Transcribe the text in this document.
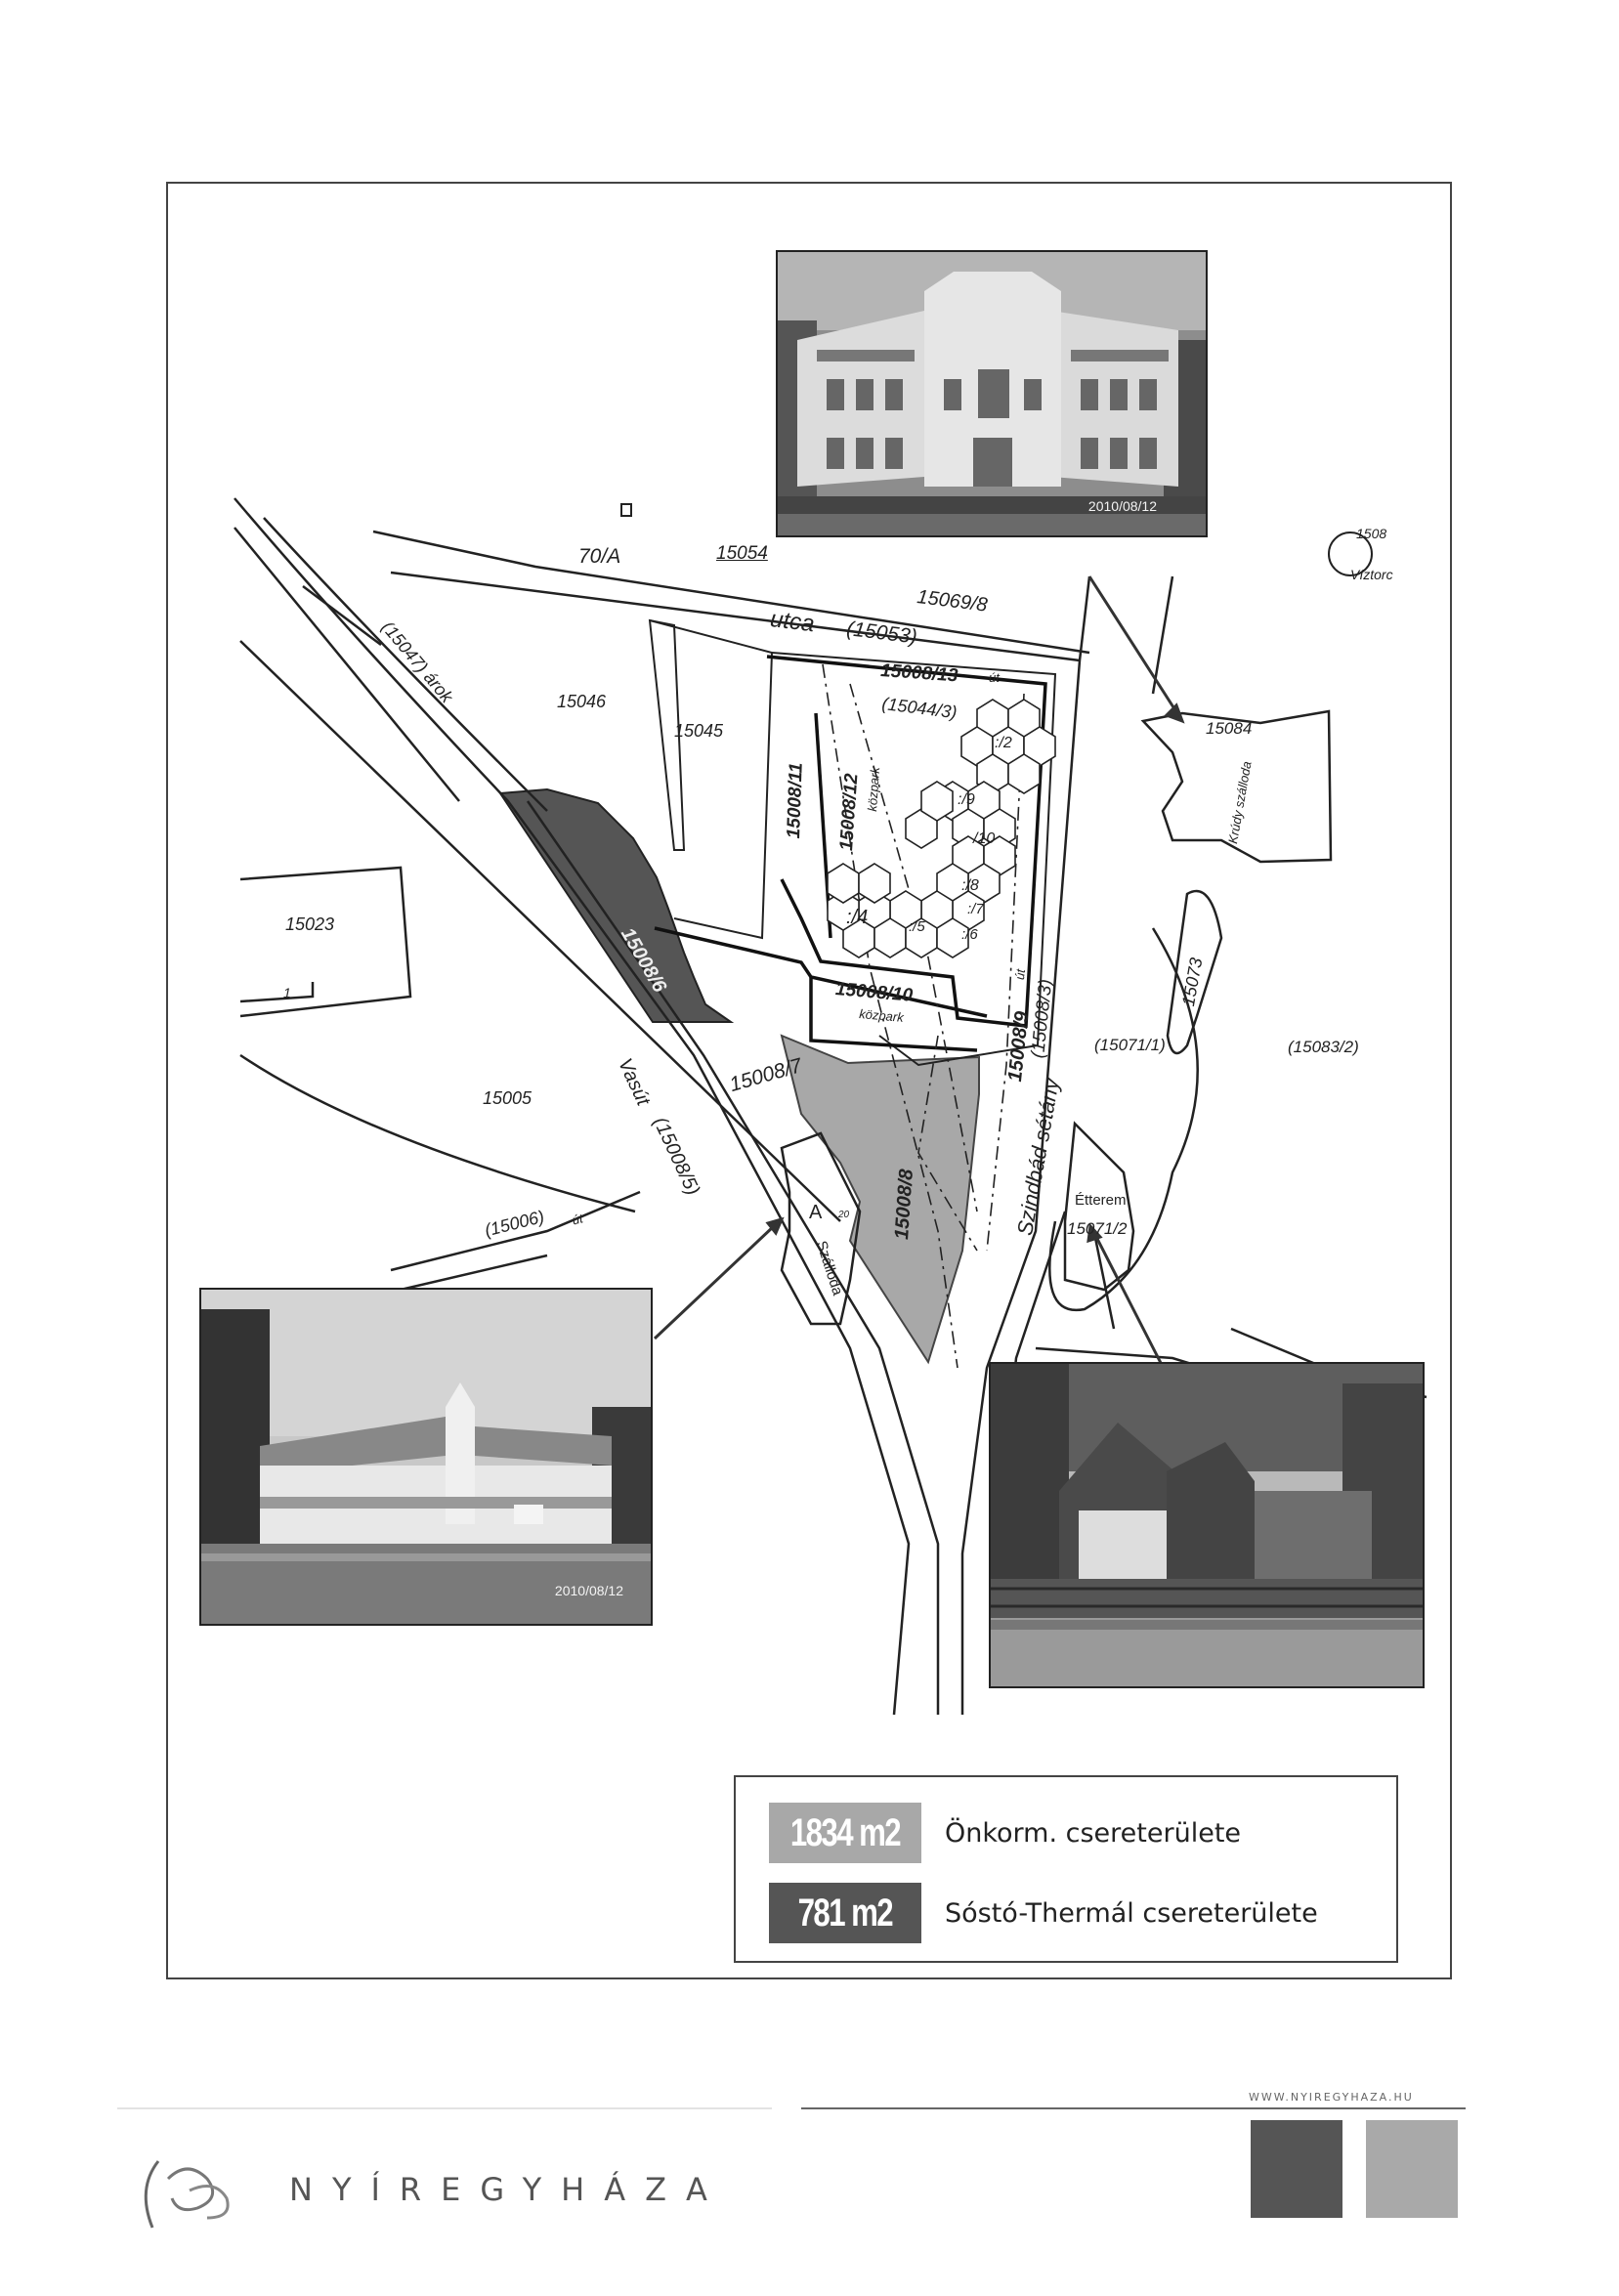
70/A	15054
15069/8
utca (15053)
(15047) árok	15046
15045
15008/13 út
(15044/3)
15008/11 15008/12 közpark
:/2
:/9
/10
:/8
:/4	:/5
:/7
:/6
15008/10
közpark	15008/9
út
(15008/3)
15023
1	15008/6
15005	Vasút
(15008/5)
15008/7
(15006) út	A 20
Szálloda
15008/8	Szindbád sétány
(15071/1)
15073
(15083/2)
15084
Krúdy szálloda
Étterem
15071/2
1508
Víztorc
2010/08/12
2010/08/12
1834 m2 Önkorm. csereterülete
781 m2 Sóstó-Thermál csereterülete
WWW.NYIREGYHAZA.HU
NYÍREGYHÁZA
